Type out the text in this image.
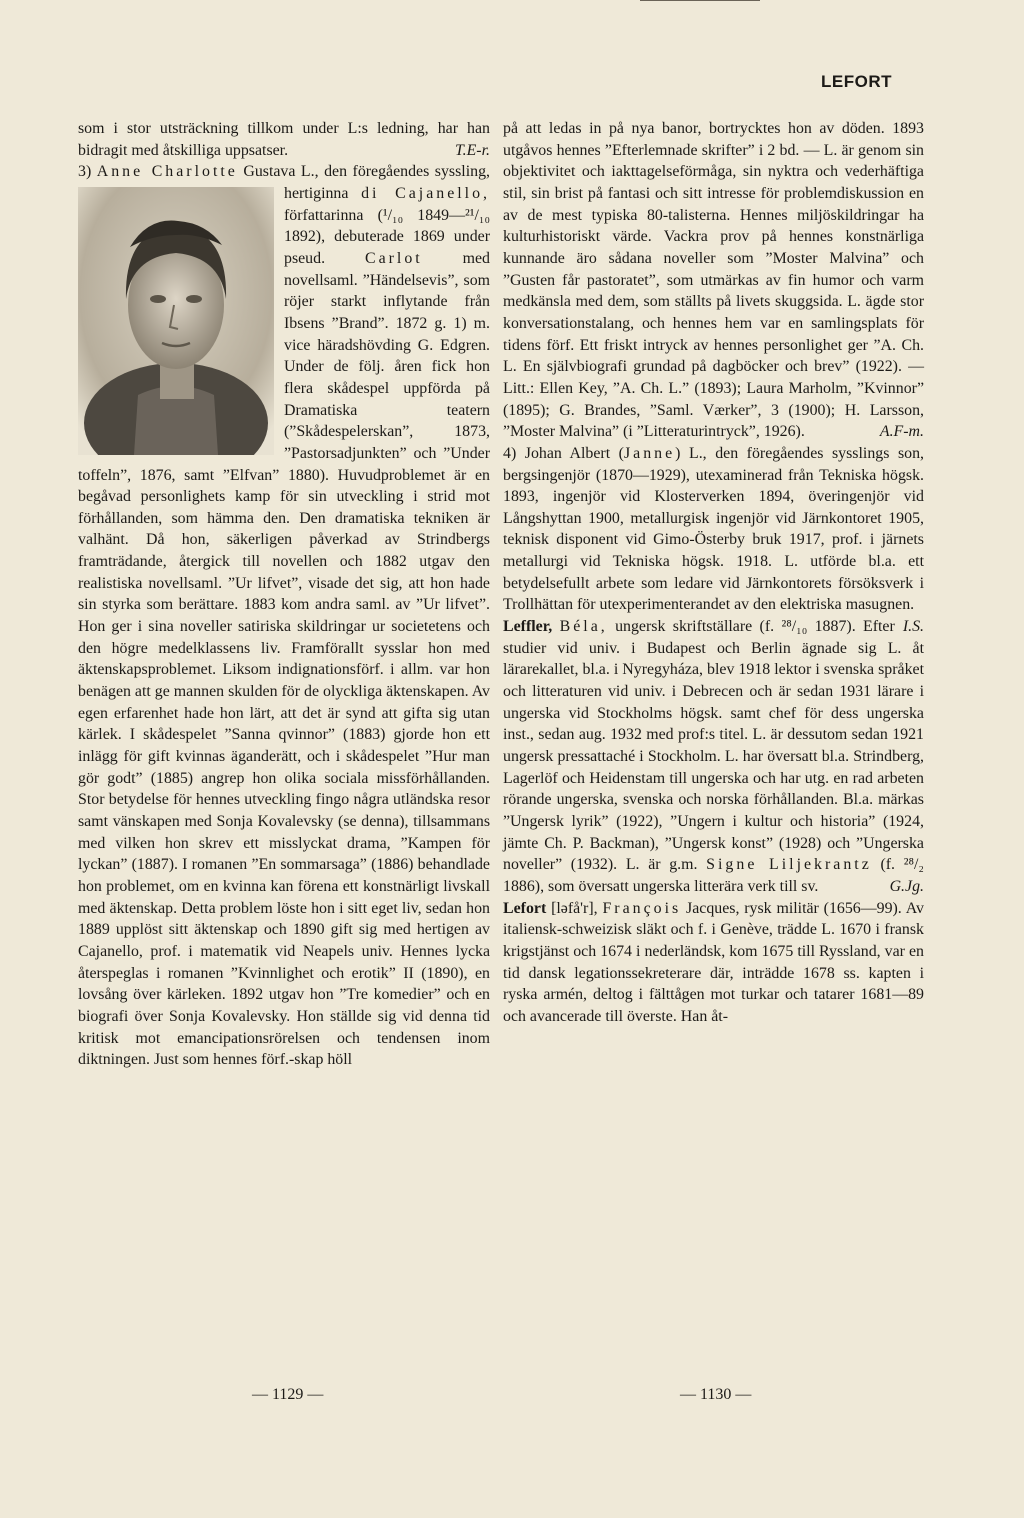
LEFORT

som i stor utsträckning tillkom under L:s ledning, har han bidragit med åtskilliga uppsatser.	T.E-r.

3) Anne Charlotte Gustava L., den föregåendes syssling, hertiginna di Cajanello,
författarinna (¹/₁₀ 1849—²¹/₁₀ 1892), debuterade 1869 under pseud.	Carlot	med novellsaml. ”Händelsevis”, som röjer starkt inflytande från Ibsens ”Brand”. 1872 g. 1) m. vice häradshövding G. Edgren. Under de följ. åren fick hon flera skådespel uppförda på Dramatiska teatern (”Skådespelerskan”, 1873, ”Pastorsadjunkten” och ”Under toffeln”, 1876, samt ”Elfvan” 1880). Huvudproblemet är en begåvad personlighets kamp för sin utveckling i strid mot förhållanden, som hämma den. Den dramatiska tekniken är valhänt. Då hon, säkerligen påverkad av Strindbergs framträdande, återgick till novellen och 1882 utgav den realistiska novellsaml. ”Ur lifvet”, visade det sig, att hon hade sin styrka som berättare. 1883 kom andra saml. av ”Ur lifvet”. Hon ger i sina noveller satiriska skildringar ur societetens och den högre medelklassens liv. Framförallt sysslar hon med äktenskapsproblemet. Liksom indignationsförf. i allm. var hon benägen att ge mannen skulden för de olyckliga äktenskapen. Av egen erfarenhet hade hon lärt, att det är synd att gifta sig utan kärlek. I skådespelet ”Sanna qvinnor” (1883) gjorde hon ett inlägg för gift kvinnas äganderätt, och i skådespelet ”Hur man gör godt” (1885) angrep hon olika sociala missförhållanden. Stor betydelse för hennes utveckling fingo några utländska resor samt vänskapen med Sonja Kovalevsky (se denna), tillsammans med vilken hon skrev ett misslyckat drama, ”Kampen för lyckan” (1887). I romanen ”En sommarsaga” (1886) behandlade hon problemet, om en kvinna kan förena ett konstnärligt livskall med äktenskap. Detta problem löste hon i sitt eget liv, sedan hon 1889 upplöst sitt äktenskap och 1890 gift sig med hertigen av Cajanello, prof. i matematik vid Neapels univ. Hennes lycka återspeglas i romanen ”Kvinnlighet och erotik” II (1890), en lovsång över kärleken. 1892 utgav hon ”Tre komedier” och en biografi över Sonja Kovalevsky. Hon ställde sig vid denna tid kritisk mot emancipationsrörelsen och tendensen inom diktningen. Just som hennes förf.-skap höll

på att ledas in på nya banor, bortrycktes hon av döden. 1893 utgåvos hennes ”Efterlemnade skrifter” i 2 bd. — L. är genom sin objektivitet och iakttagelseförmåga, sin nyktra och vederhäftiga stil, sin brist på fantasi och sitt intresse för problemdiskussion en av de mest typiska 80-talisterna. Hennes miljöskildringar ha kulturhistoriskt värde. Vackra prov på hennes konstnärliga kunnande äro sådana noveller som ”Moster Malvina” och ”Gusten får pastoratet”, som utmärkas av fin humor och varm medkänsla med dem, som ställts på livets skuggsida. L. ägde stor konversationstalang, och hennes hem var en samlingsplats för tidens förf. Ett friskt intryck av hennes personlighet ger ”A. Ch. L. En självbiografi grundad på dagböcker och brev” (1922). — Litt.: Ellen Key, ”A. Ch. L.” (1893); Laura Marholm, ”Kvinnor” (1895); G. Brandes, ”Saml. Værker”, 3 (1900); H. Larsson, ”Moster Malvina” (i ”Litteraturintryck”, 1926).	A.F-m.

4) Johan Albert (Janne) L., den föregåendes sysslings son, bergsingenjör (1870—1929), utexaminerad från Tekniska högsk. 1893, ingenjör vid Klosterverken 1894, överingenjör vid Långshyttan 1900, metallurgisk ingenjör vid Järnkontoret 1905, teknisk disponent vid Gimo-Österby bruk 1917, prof. i järnets metallurgi vid Tekniska högsk. 1918. L. utförde bl.a. ett betydelsefullt arbete som ledare vid Järnkontorets försöksverk i Trollhättan för utexperimenterandet av den elektriska masugnen.
I.S.

Leffler, Béla, ungersk skriftställare (f. ²⁸/₁₀ 1887). Efter studier vid univ. i Budapest och Berlin ägnade sig L. åt lärarekallet, bl.a. i Nyregyháza, blev 1918 lektor i svenska språket och litteraturen vid univ. i Debrecen och är sedan 1931 lärare i ungerska vid Stockholms högsk. samt chef för dess ungerska inst., sedan aug. 1932 med prof:s titel. L. är dessutom sedan 1921 ungersk pressattaché i Stockholm. L. har översatt bl.a. Strindberg, Lagerlöf och Heidenstam till ungerska och har utg. en rad arbeten rörande ungerska, svenska och norska förhållanden. Bl.a. märkas ”Ungersk lyrik” (1922), ”Ungern i kultur och historia” (1924, jämte Ch. P. Backman), ”Ungersk konst” (1928) och ”Ungerska noveller” (1932). L. är g.m. Signe Liljekrantz (f. ²⁸/₂ 1886), som översatt ungerska litterära verk till sv.	G.Jg.

Lefort [ləfå'r], François Jacques, rysk militär (1656—99). Av italiensk-schweizisk släkt och f. i Genève, trädde L. 1670 i fransk krigstjänst och 1674 i nederländsk, kom 1675 till Ryssland, var en tid dansk legationssekreterare där, inträdde 1678 ss. kapten i ryska armén, deltog i fälttågen mot turkar och tatarer 1681—89 och avancerade till överste. Han åt-

— 1129 —	— 1130 —
